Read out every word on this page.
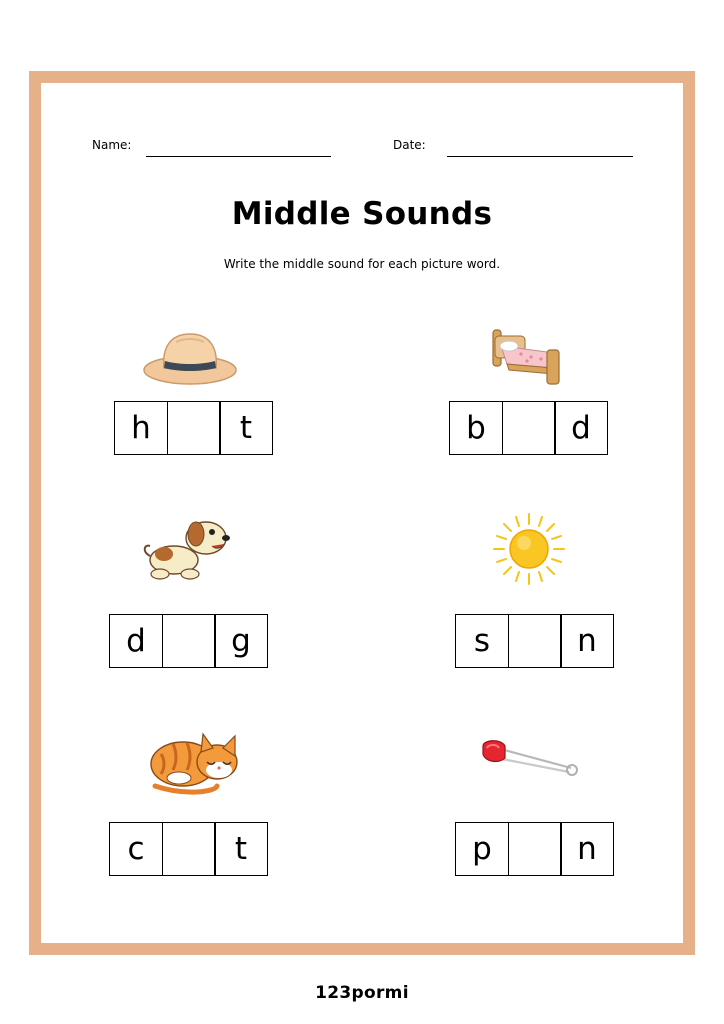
Name:	Date:
Middle Sounds
Write the middle sound for each picture word.
h	t	b	d
d	g	s	n
c	t	p	n
123pormi
